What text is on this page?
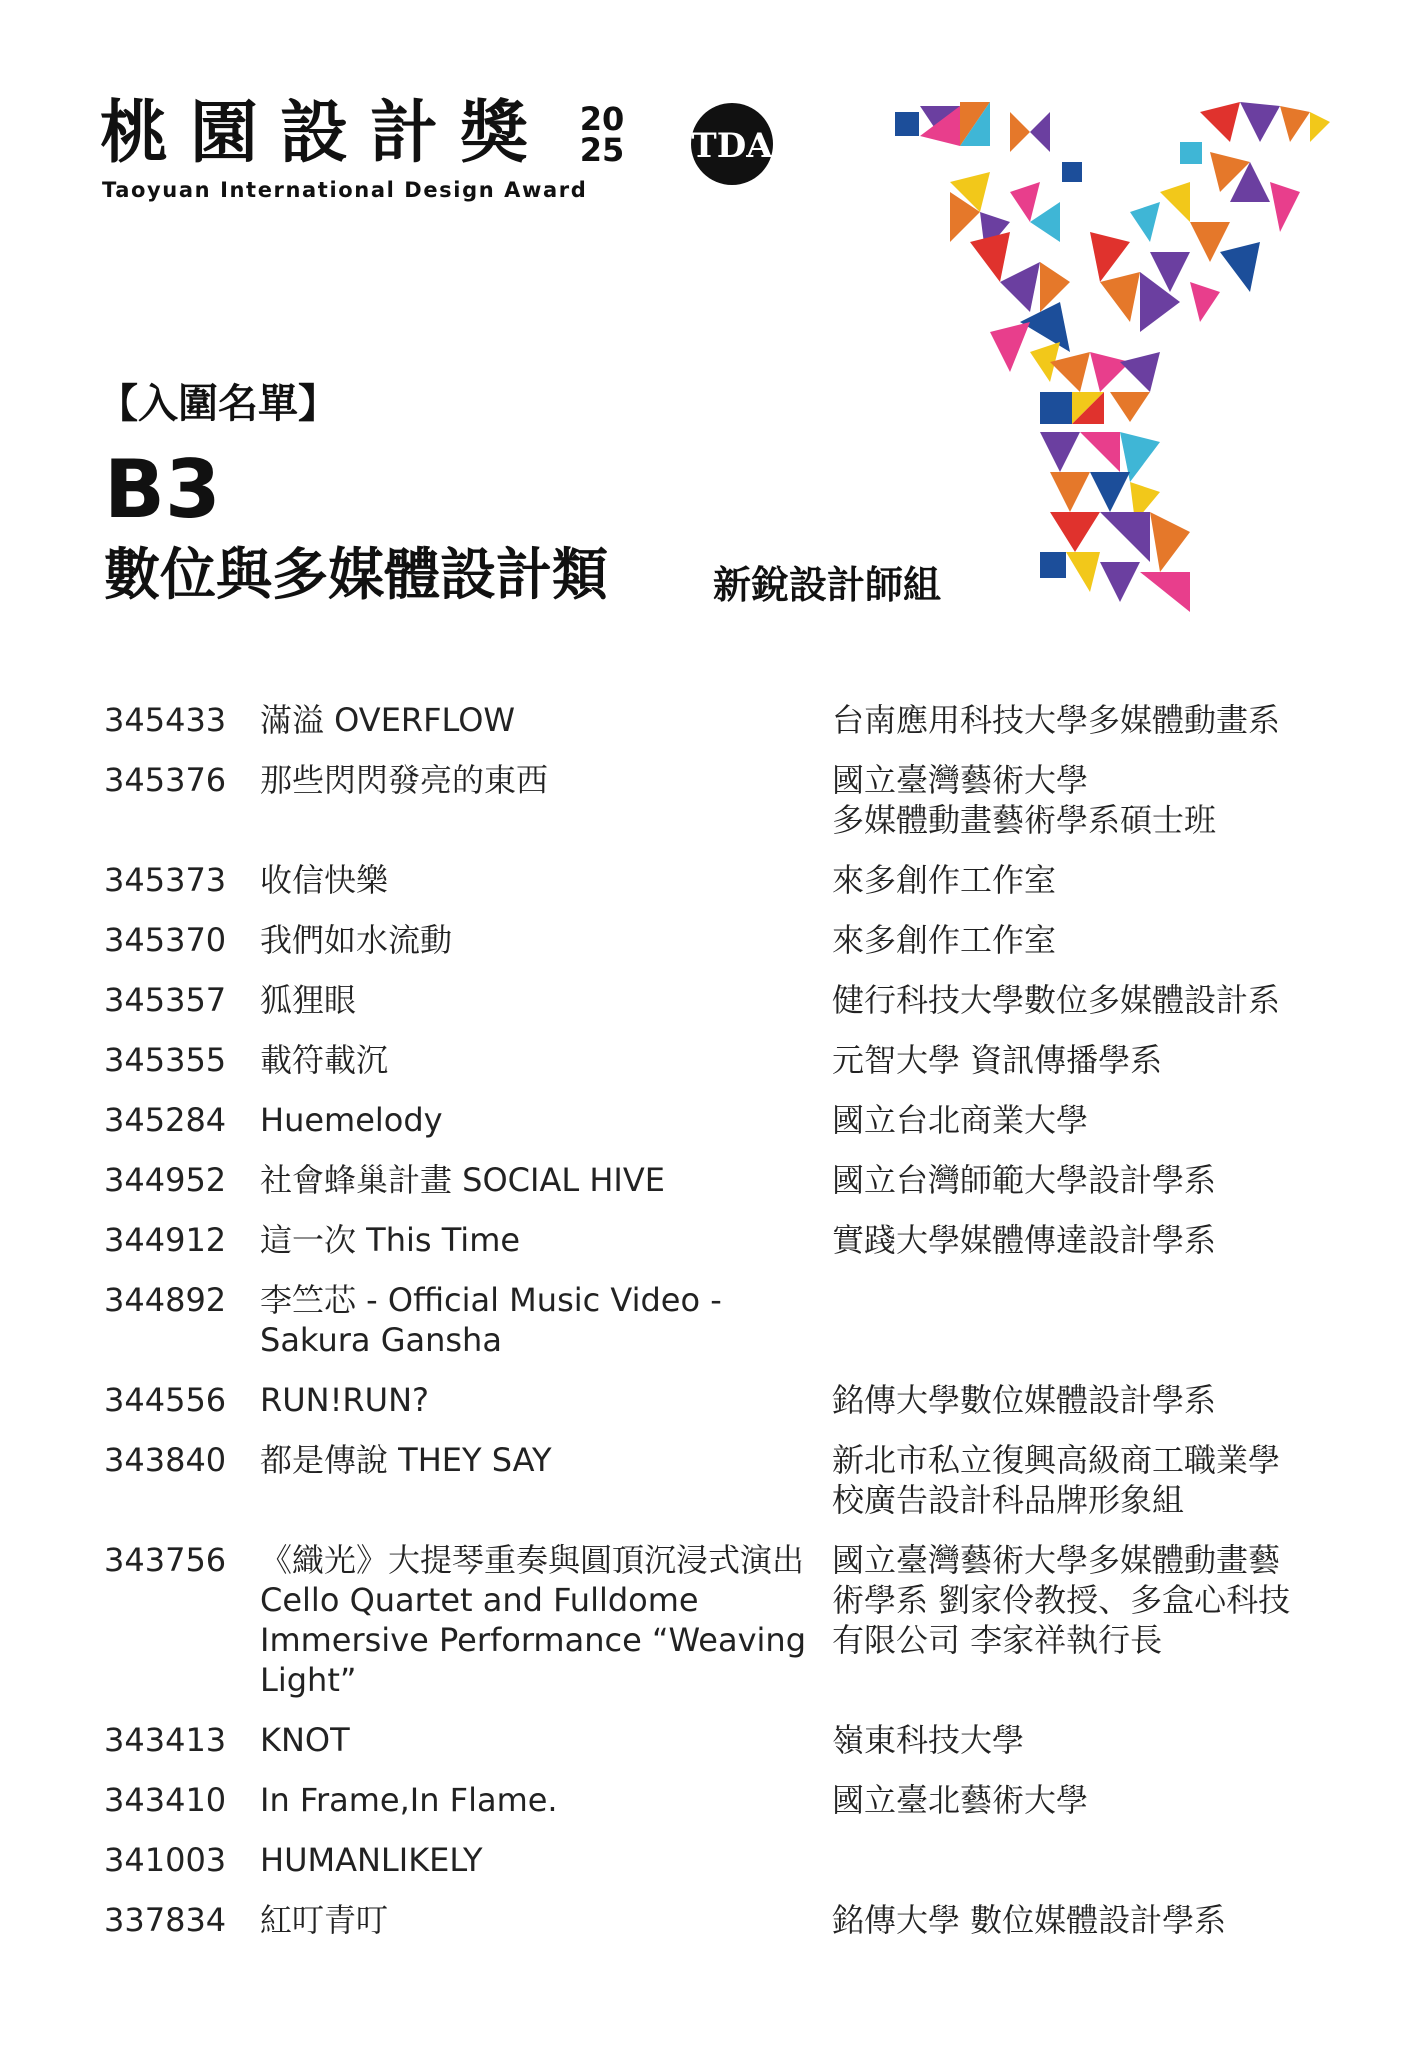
桃園設計獎 20
25
Taoyuan International Design Award
TDA
【入圍名單】
B3
數位與多媒體設計類	新銳設計師組
345433	滿溢 OVERFLOW	台南應用科技大學多媒體動畫系
345376	那些閃閃發亮的東西	國立臺灣藝術大學
多媒體動畫藝術學系碩士班
345373	收信快樂	來多創作工作室
345370	我們如水流動	來多創作工作室
345357	狐狸眼	健行科技大學數位多媒體設計系
345355	載符載沉	元智大學 資訊傳播學系
345284	Huemelody	國立台北商業大學
344952	社會蜂巢計畫 SOCIAL HIVE	國立台灣師範大學設計學系
344912	這一次 This Time	實踐大學媒體傳達設計學系
344892	李竺芯 - Official Music Video - Sakura Gansha
344556	RUN!RUN?	銘傳大學數位媒體設計學系
343840	都是傳說 THEY SAY	新北市私立復興高級商工職業學校廣告設計科品牌形象組
343756	《織光》大提琴重奏與圓頂沉浸式演出 Cello Quartet and Fulldome Immersive Performance “Weaving Light”
國立臺灣藝術大學多媒體動畫藝術學系 劉家伶教授、多盒心科技有限公司 李家祥執行長
343413	KNOT	嶺東科技大學
343410	In Frame,In Flame.	國立臺北藝術大學
341003	HUMANLIKELY
337834	紅叮青叮	銘傳大學 數位媒體設計學系
